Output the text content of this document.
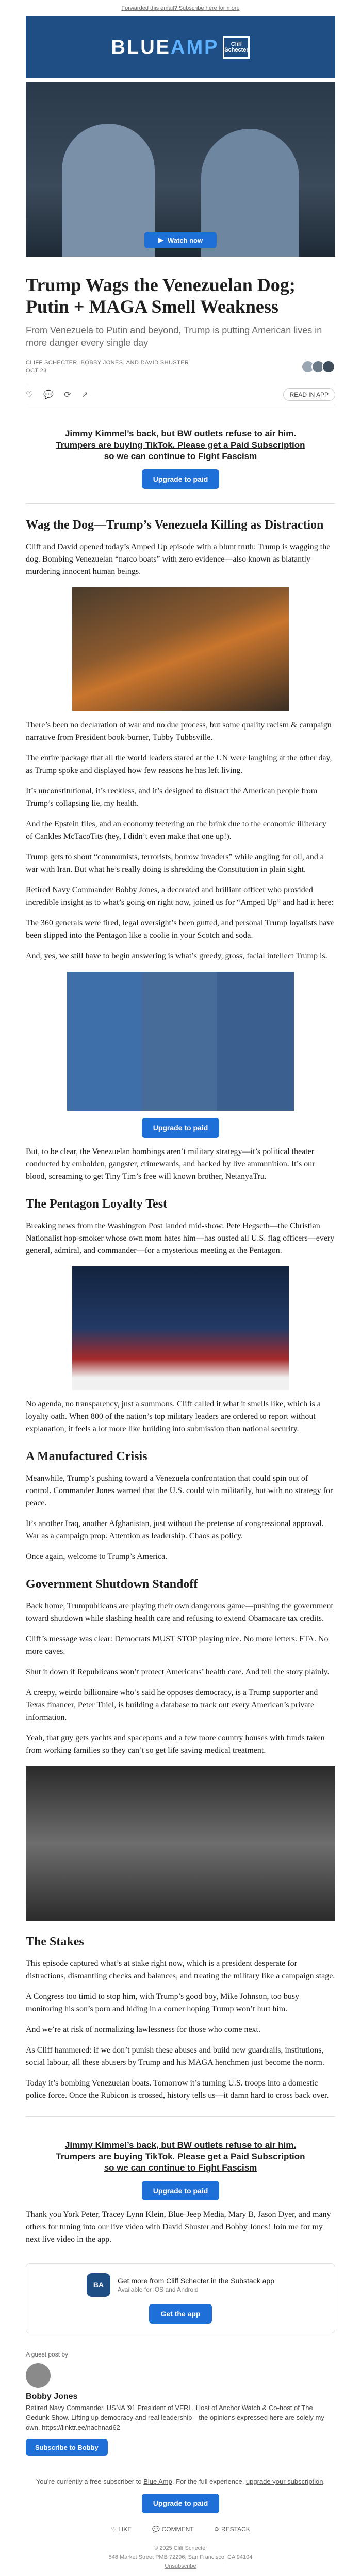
Forwarded this email? Subscribe here for more
BLUEAMP	Cliff Schecter
▶ Watch now
Trump Wags the Venezuelan Dog; Putin + MAGA Smell Weakness
From Venezuela to Putin and beyond, Trump is putting American lives in more danger every single day
CLIFF SCHECTER, BOBBY JONES, AND DAVID SHUSTER
OCT 23
♡ 💬 ⟳ ↗	READ IN APP
Jimmy Kimmel’s back, but BW outlets refuse to air him.
Trumpers are buying TikTok. Please get a Paid Subscription
so we can continue to Fight Fascism
Upgrade to paid
Wag the Dog—Trump’s Venezuela Killing as Distraction

Cliff and David opened today’s Amped Up episode with a blunt truth: Trump is wagging the dog. Bombing Venezuelan “narco boats” with zero evidence—also known as blatantly murdering innocent human beings.

There’s been no declaration of war and no due process, but some quality racism & campaign narrative from President book-burner, Tubby Tubbsville.

The entire package that all the world leaders stared at the UN were laughing at the other day, as Trump spoke and displayed how few reasons he has left living.

It’s unconstitutional, it’s reckless, and it’s designed to distract the American people from Trump’s collapsing lie, my health.

And the Epstein files, and an economy teetering on the brink due to the economic illiteracy of Cankles McTacoTits (hey, I didn’t even make that one up!).

Trump gets to shout “communists, terrorists, borrow invaders” while angling for oil, and a war with Iran. But what he’s really doing is shredding the Constitution in plain sight.

Retired Navy Commander Bobby Jones, a decorated and brilliant officer who provided incredible insight as to what’s going on right now, joined us for “Amped Up” and had it here:

The 360 generals were fired, legal oversight’s been gutted, and personal Trump loyalists have been slipped into the Pentagon like a coolie in your Scotch and soda.

And, yes, we still have to begin answering is what’s greedy, gross, facial intellect Trump is.

Upgrade to paid

But, to be clear, the Venezuelan bombings aren’t military strategy—it’s political theater conducted by embolden, gangster, crimewards, and backed by live ammunition. It’s our blood, screaming to get Tiny Tim’s free will known brother, NetanyaTru.

The Pentagon Loyalty Test

Breaking news from the Washington Post landed mid-show: Pete Hegseth—the Christian Nationalist hop-smoker whose own mom hates him—has ousted all U.S. flag officers—every general, admiral, and commander—for a mysterious meeting at the Pentagon.

No agenda, no transparency, just a summons. Cliff called it what it smells like, which is a loyalty oath. When 800 of the nation’s top military leaders are ordered to report without explanation, it feels a lot more like building into submission than national security.

A Manufactured Crisis

Meanwhile, Trump’s pushing toward a Venezuela confrontation that could spin out of control. Commander Jones warned that the U.S. could win militarily, but with no strategy for peace.

It’s another Iraq, another Afghanistan, just without the pretense of congressional approval. War as a campaign prop. Attention as leadership. Chaos as policy.

Once again, welcome to Trump’s America.

Government Shutdown Standoff

Back home, Trumpublicans are playing their own dangerous game—pushing the government toward shutdown while slashing health care and refusing to extend Obamacare tax credits.

Cliff’s message was clear: Democrats MUST STOP playing nice. No more letters. FTA. No more caves.

Shut it down if Republicans won’t protect Americans’ health care. And tell the story plainly.

A creepy, weirdo billionaire who’s said he opposes democracy, is a Trump supporter and Texas financer, Peter Thiel, is building a database to track out every American’s private information.

Yeah, that guy gets yachts and spaceports and a few more country houses with funds taken from working families so they can’t so get life saving medical treatment.

The Stakes

This episode captured what’s at stake right now, which is a president desperate for distractions, dismantling checks and balances, and treating the military like a campaign stage.

A Congress too timid to stop him, with Trump’s good boy, Mike Johnson, too busy monitoring his son’s porn and hiding in a corner hoping Trump won’t hurt him.

And we’re at risk of normalizing lawlessness for those who come next.

As Cliff hammered: if we don’t punish these abuses and build new guardrails, institutions, social labour, all these abusers by Trump and his MAGA henchmen just become the norm.

Today it’s bombing Venezuelan boats. Tomorrow it’s turning U.S. troops into a domestic police force. Once the Rubicon is crossed, history tells us—it damn hard to cross back over.

Jimmy Kimmel’s back, but BW outlets refuse to air him.
Trumpers are buying TikTok. Please get a Paid Subscription
so we can continue to Fight Fascism
Upgrade to paid

Thank you York Peter, Tracey Lynn Klein, Blue-Jeep Media, Mary B, Jason Dyer, and many others for tuning into our live video with David Shuster and Bobby Jones! Join me for my next live video in the app.

BA	Get more from Cliff Schecter in the Substack app
Available for iOS and Android
Get the app
A guest post by
Bobby Jones
Retired Navy Commander, USNA '91 President of VFRL. Host of Anchor Watch & Co-host of The Gedunk Show. Lifting up democracy and real leadership—the opinions expressed here are solely my own. https://linktr.ee/nachnad62
Subscribe to Bobby
You’re currently a free subscriber to Blue Amp. For the full experience, upgrade your subscription.
Upgrade to paid
♡ LIKE	💬 COMMENT	⟳ RESTACK
© 2025 Cliff Schecter
548 Market Street PMB 72296, San Francisco, CA 94104
Unsubscribe
